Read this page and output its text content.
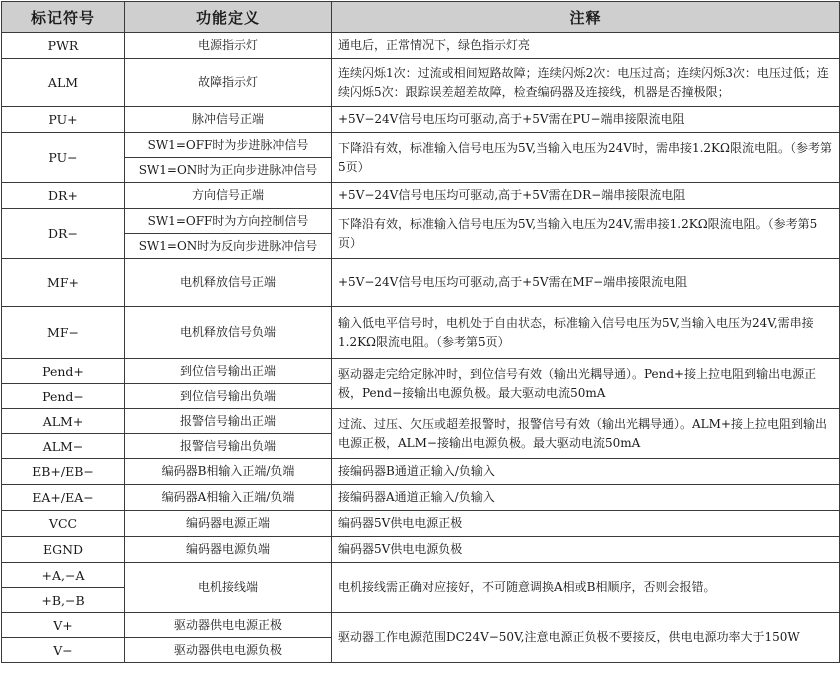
标记符号	功能定义	注释
PWR	电源指示灯	通电后，正常情况下，绿色指示灯亮
ALM	故障指示灯	连续闪烁1次：过流或相间短路故障；连续闪烁2次：电压过高；连续闪烁3次：电压过低；连续闪烁5次：跟踪误差超差故障，检查编码器及连接线，机器是否撞极限；
PU+	脉冲信号正端	+5V−24V信号电压均可驱动,高于+5V需在PU−端串接限流电阻
PU−	SW1=OFF时为步进脉冲信号	下降沿有效，标准输入信号电压为5V,当输入电压为24V时，需串接1.2KΩ限流电阻。（参考第5页）
	SW1=ON时为正向步进脉冲信号	
DR+	方向信号正端	+5V−24V信号电压均可驱动,高于+5V需在DR−端串接限流电阻
DR−	SW1=OFF时为方向控制信号	下降沿有效，标准输入信号电压为5V,当输入电压为24V,需串接1.2KΩ限流电阻。（参考第5页）
	SW1=ON时为反向步进脉冲信号	
MF+	电机释放信号正端	+5V−24V信号电压均可驱动,高于+5V需在MF−端串接限流电阻
MF−	电机释放信号负端	输入低电平信号时，电机处于自由状态，标准输入信号电压为5V,当输入电压为24V,需串接1.2KΩ限流电阻。（参考第5页）
Pend+	到位信号输出正端	驱动器走完给定脉冲时，到位信号有效（输出光耦导通）。Pend+接上拉电阻到输出电源正极，Pend−接输出电源负极。最大驱动电流50mA
Pend−	到位信号输出负端	
ALM+	报警信号输出正端	过流、过压、欠压或超差报警时，报警信号有效（输出光耦导通）。ALM+接上拉电阻到输出电源正极，ALM−接输出电源负极。最大驱动电流50mA
ALM−	报警信号输出负端	
EB+/EB−	编码器B相输入正端/负端	接编码器B通道正输入/负输入
EA+/EA−	编码器A相输入正端/负端	接编码器A通道正输入/负输入
VCC	编码器电源正端	编码器5V供电电源正极
EGND	编码器电源负端	编码器5V供电电源负极
+A,−A	电机接线端	电机接线需正确对应接好，不可随意调换A相或B相顺序，否则会报错。
+B,−B		
V+	驱动器供电电源正极	驱动器工作电源范围DC24V−50V,注意电源正负极不要接反，供电电源功率大于150W
V−	驱动器供电电源负极	
